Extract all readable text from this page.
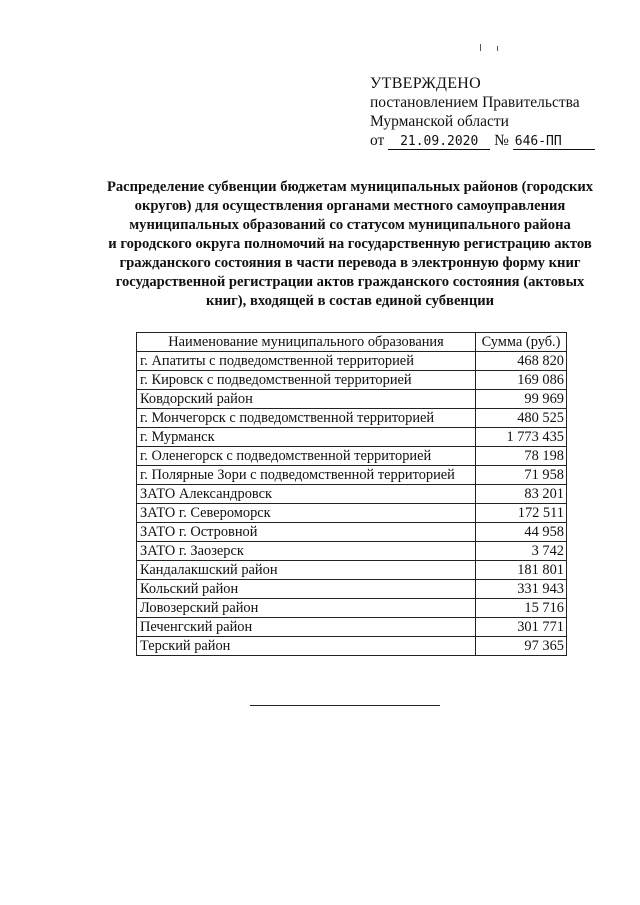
УТВЕРЖДЕНО
постановлением Правительства
Мурманской области
от 21.09.2020 № 646-ПП
Распределение субвенции бюджетам муниципальных районов (городских
округов) для осуществления органами местного самоуправления
муниципальных образований со статусом муниципального района
и городского округа полномочий на государственную регистрацию актов
гражданского состояния в части перевода в электронную форму книг
государственной регистрации актов гражданского состояния (актовых
книг), входящей в состав единой субвенции
Наименование муниципального образования	Сумма (руб.)
г. Апатиты с подведомственной территорией	468 820
г. Кировск с подведомственной территорией	169 086
Ковдорский район	99 969
г. Мончегорск с подведомственной территорией	480 525
г. Мурманск	1 773 435
г. Оленегорск с подведомственной территорией	78 198
г. Полярные Зори с подведомственной территорией	71 958
ЗАТО Александровск	83 201
ЗАТО г. Североморск	172 511
ЗАТО г. Островной	44 958
ЗАТО г. Заозерск	3 742
Кандалакшский район	181 801
Кольский район	331 943
Ловозерский район	15 716
Печенгский район	301 771
Терский район	97 365
